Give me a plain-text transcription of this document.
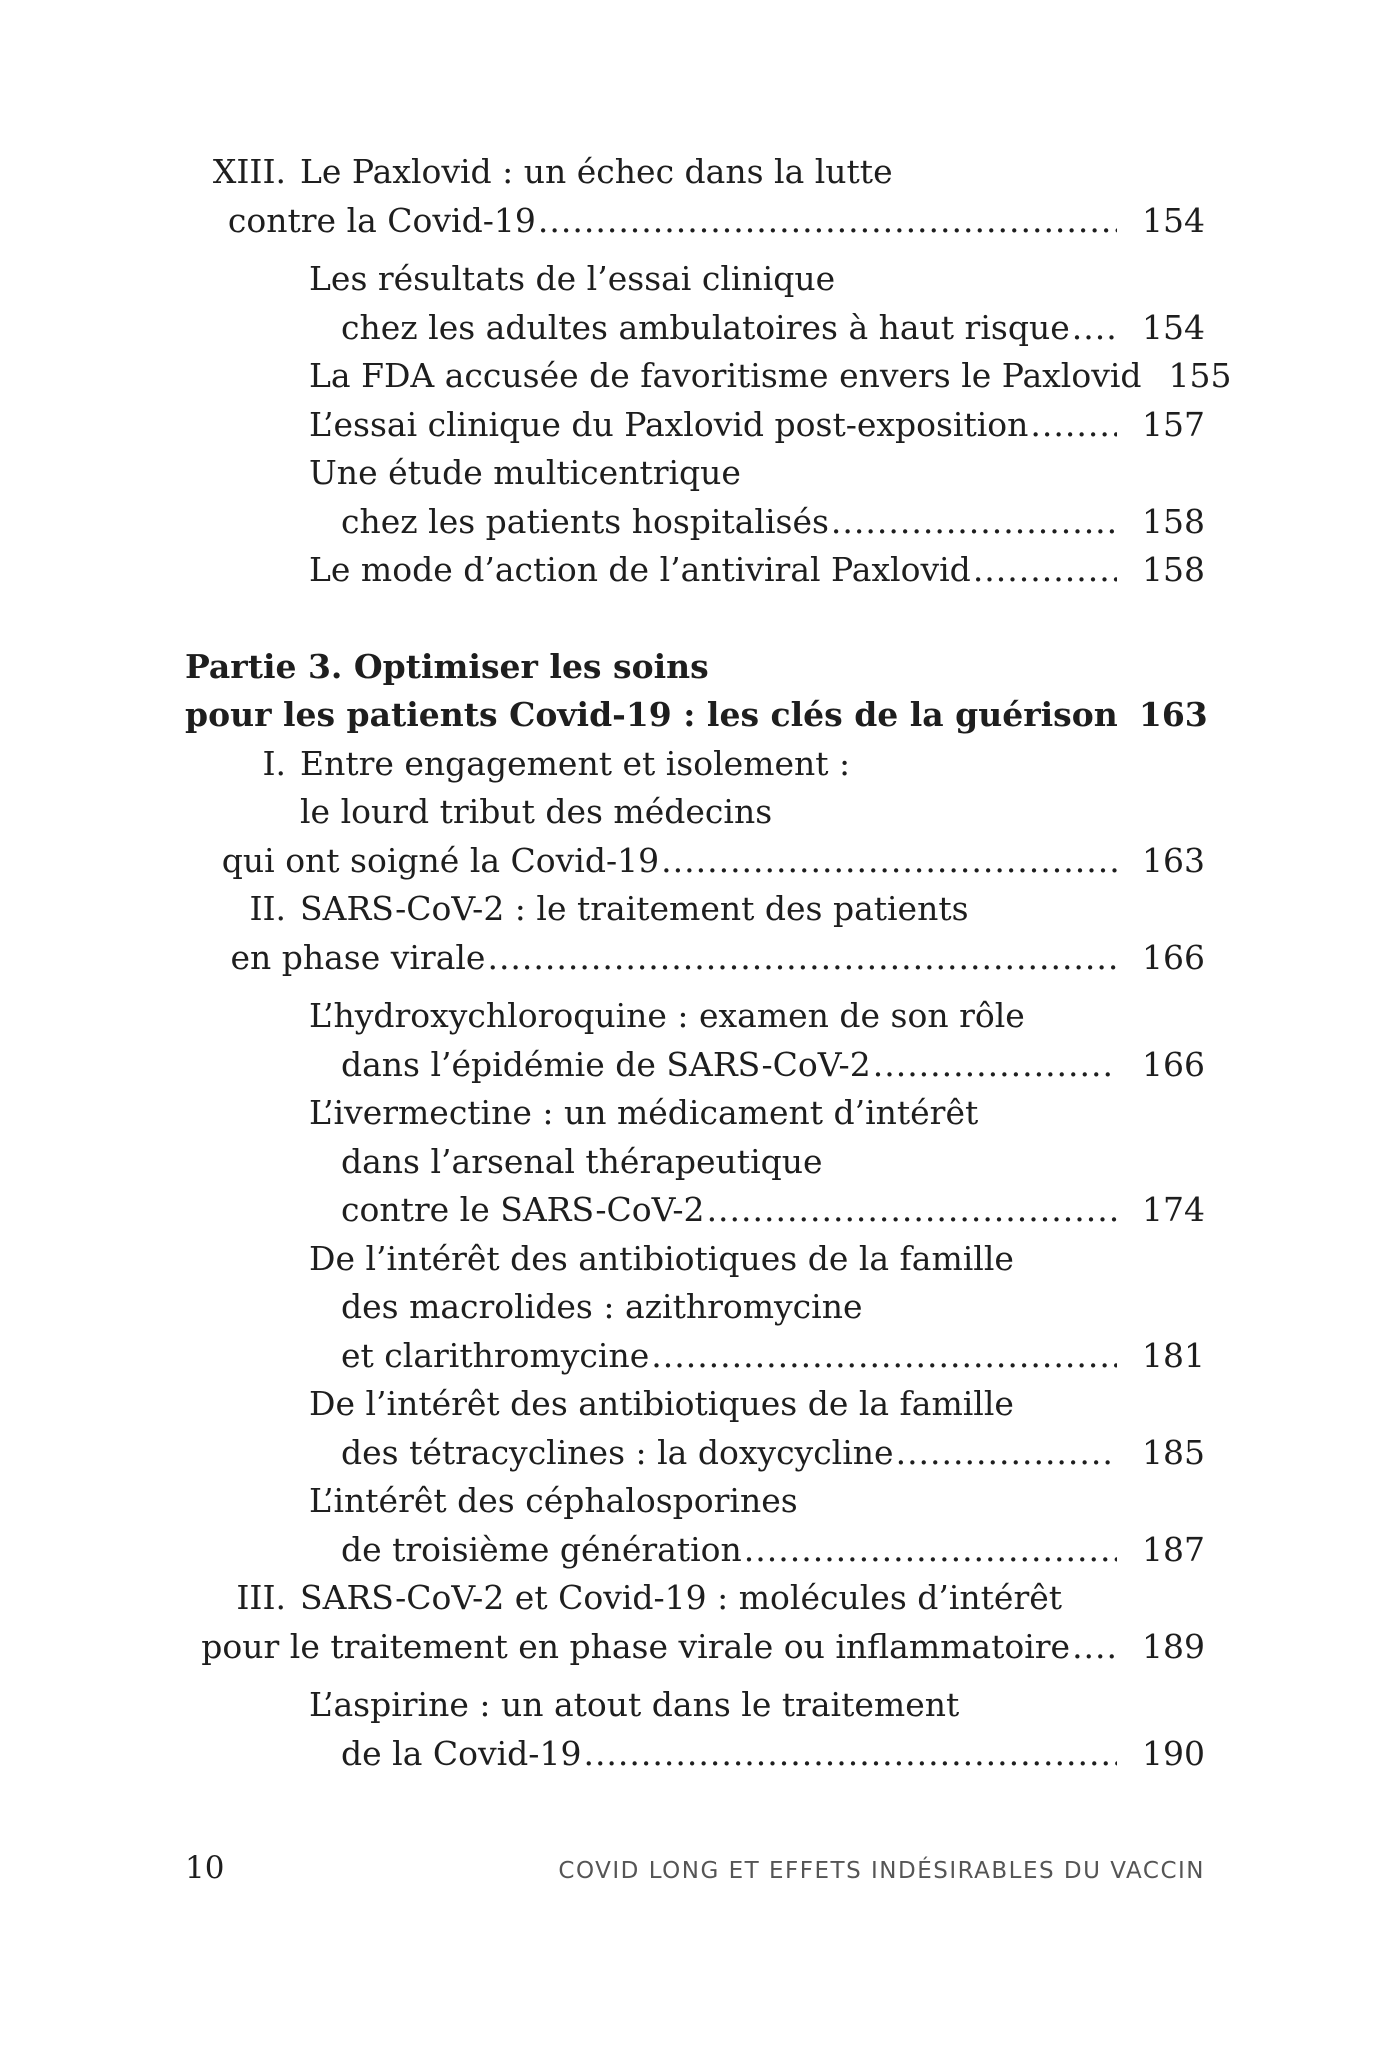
XIII. Le Paxlovid : un échec dans la lutte
contre la Covid-19 .....	154
Les résultats de l’essai clinique
chez les adultes ambulatoires à haut risque .....	154
La FDA accusée de favoritisme envers le Paxlovid 155
L’essai clinique du Paxlovid post-exposition .....	157
Une étude multicentrique
chez les patients hospitalisés .....	158
Le mode d’action de l’antiviral Paxlovid .....	158
Partie 3. Optimiser les soins
pour les patients Covid-19 : les clés de la guérison 163
I. Entre engagement et isolement :
le lourd tribut des médecins
qui ont soigné la Covid-19 .....	163
II. SARS-CoV-2 : le traitement des patients
en phase virale .....	166
L’hydroxychloroquine : examen de son rôle
dans l’épidémie de SARS-CoV-2 .....	166
L’ivermectine : un médicament d’intérêt
dans l’arsenal thérapeutique
contre le SARS-CoV-2 .....	174
De l’intérêt des antibiotiques de la famille
des macrolides : azithromycine
et clarithromycine .....	181
De l’intérêt des antibiotiques de la famille
des tétracyclines : la doxycycline .....	185
L’intérêt des céphalosporines
de troisième génération .....	187
III. SARS-CoV-2 et Covid-19 : molécules d’intérêt
pour le traitement en phase virale ou inflammatoire .....	189
L’aspirine : un atout dans le traitement
de la Covid-19 .....	190
10	COVID LONG ET EFFETS INDÉSIRABLES DU VACCIN
